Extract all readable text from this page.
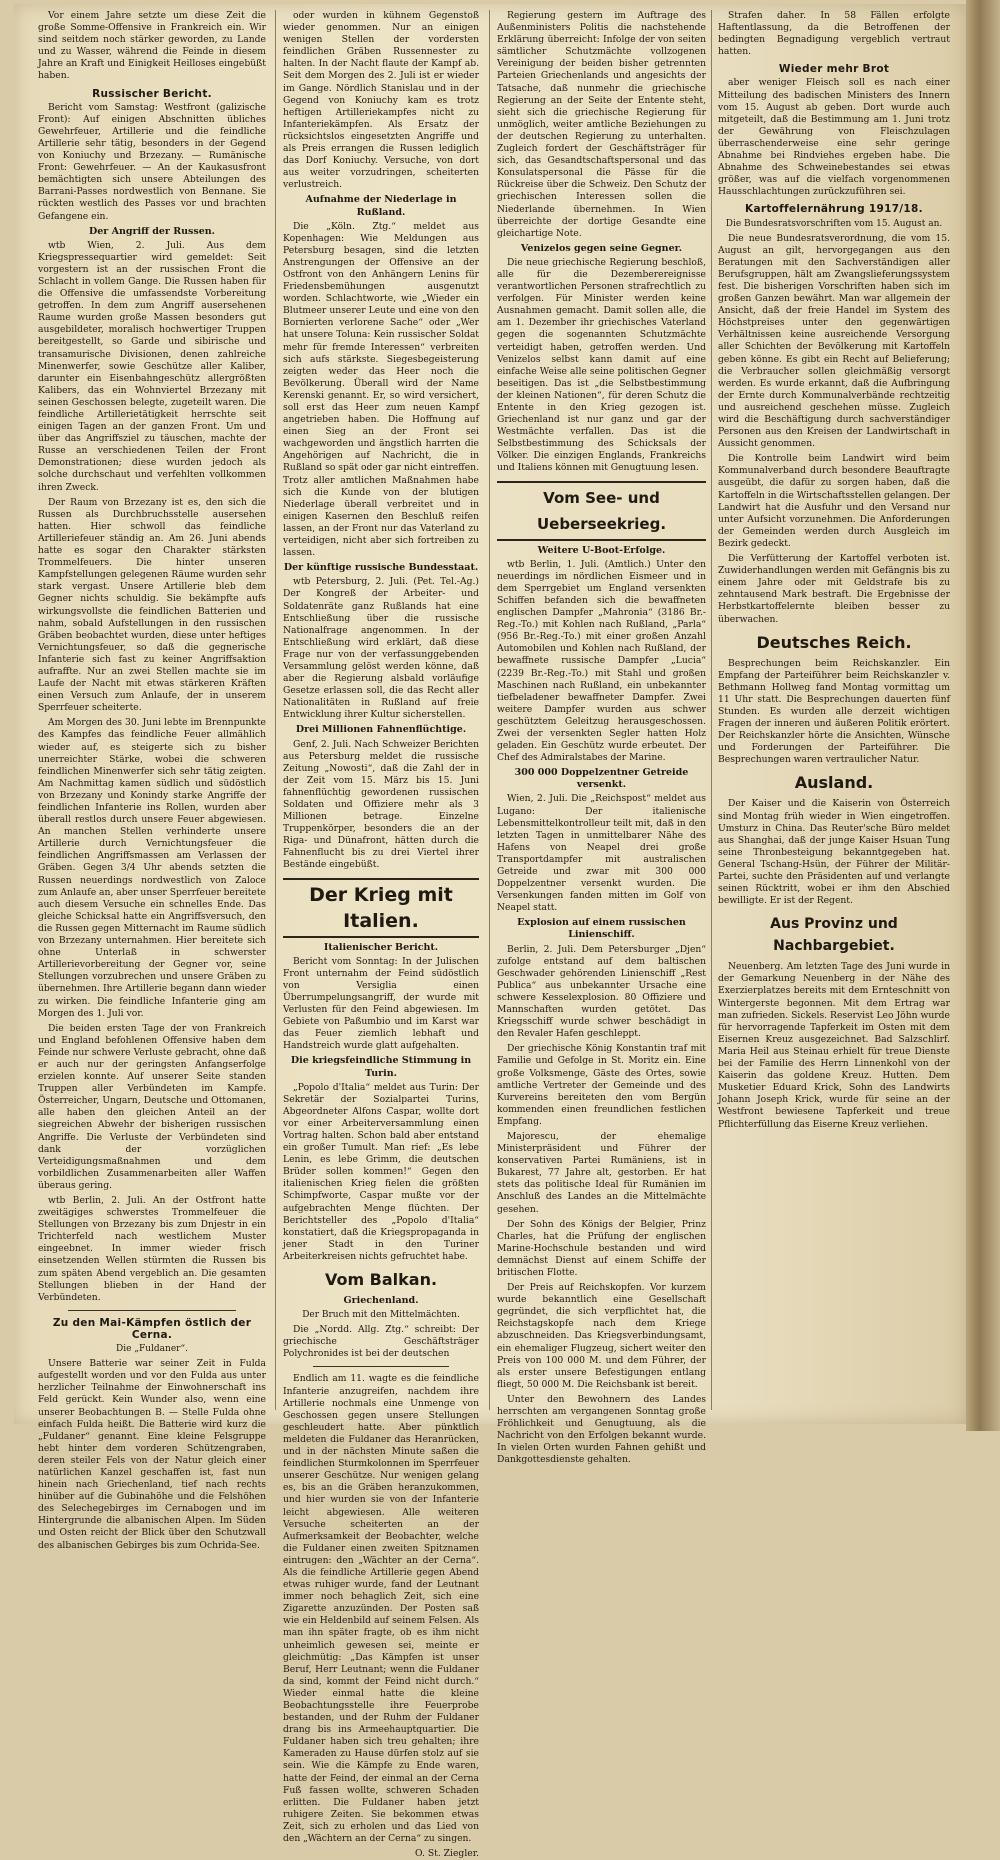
Vor einem Jahre setzte um diese Zeit die große Somme-Offensive in Frankreich ein. Wir sind seitdem noch stärker geworden, zu Lande und zu Wasser, während die Feinde in diesem Jahre an Kraft und Einigkeit Heilloses eingebüßt haben.

Russischer Bericht.

Bericht vom Samstag: Westfront (galizische Front): Auf einigen Abschnitten übliches Gewehrfeuer, Artillerie und die feindliche Artillerie sehr tätig, besonders in der Gegend von Koniuchy und Brzezany. — Rumänische Front: Gewehrfeuer. — An der Kaukasusfront bemächtigten sich unsere Abteilungen des Barrani-Passes nordwestlich von Bennane. Sie rückten westlich des Passes vor und brachten Gefangene ein.

Der Angriff der Russen.

wtb Wien, 2. Juli. Aus dem Kriegspressequartier wird gemeldet: Seit vorgestern ist an der russischen Front die Schlacht in vollem Gange. Die Russen haben für die Offensive die umfassendste Vorbereitung getroffen. In dem zum Angriff ausersehenen Raume wurden große Massen besonders gut ausgebildeter, moralisch hochwertiger Truppen bereitgestellt, so Garde und sibirische und transamurische Divisionen, denen zahlreiche Minenwerfer, sowie Geschütze aller Kaliber, darunter ein Eisenbahngeschütz allergrößten Kalibers, das ein Wohnviertel Brzezany mit seinen Geschossen belegte, zugeteilt waren. Die feindliche Artillerietätigkeit herrschte seit einigen Tagen an der ganzen Front. Um und über das Angriffsziel zu täuschen, machte der Russe an verschiedenen Teilen der Front Demonstrationen; diese wurden jedoch als solche durchschaut und verfehlten vollkommen ihren Zweck.

Der Raum von Brzezany ist es, den sich die Russen als Durchbruchsstelle ausersehen hatten. Hier schwoll das feindliche Artilleriefeuer ständig an. Am 26. Juni abends hatte es sogar den Charakter stärksten Trommelfeuers. Die hinter unseren Kampfstellungen gelegenen Räume wurden sehr stark vergast. Unsere Artillerie bleb dem Gegner nichts schuldig. Sie bekämpfte aufs wirkungsvollste die feindlichen Batterien und nahm, sobald Aufstellungen in den russischen Gräben beobachtet wurden, diese unter heftiges Vernichtungsfeuer, so daß die gegnerische Infanterie sich fast zu keiner Angriffsaktion aufraffte. Nur an zwei Stellen machte sie im Laufe der Nacht mit etwas stärkeren Kräften einen Versuch zum Anlaufe, der in unserem Sperrfeuer scheiterte.

Am Morgen des 30. Juni lebte im Brennpunkte des Kampfes das feindliche Feuer allmählich wieder auf, es steigerte sich zu bisher unerreichter Stärke, wobei die schweren feindlichen Minenwerfer sich sehr tätig zeigten. Am Nachmittag kamen südlich und südöstlich von Brzezany und Konindy starke Angriffe der feindlichen Infanterie ins Rollen, wurden aber überall restlos durch unsere Feuer abgewiesen. An manchen Stellen verhinderte unsere Artillerie durch Vernichtungsfeuer die feindlichen Angriffsmassen am Verlassen der Gräben. Gegen 3/4 Uhr abends setzten die Russen neuerdings nordwestlich von Zaloce zum Anlaufe an, aber unser Sperrfeuer bereitete auch diesem Versuche ein schnelles Ende. Das gleiche Schicksal hatte ein Angriffsversuch, den die Russen gegen Mitternacht im Raume südlich von Brzezany unternahmen. Hier bereitete sich ohne Unterlaß in schwerster Artillerievorbereitung der Gegner vor, seine Stellungen vorzubrechen und unsere Gräben zu übernehmen. Ihre Artillerie begann dann wieder zu wirken. Die feindliche Infanterie ging am Morgen des 1. Juli vor.

Die beiden ersten Tage der von Frankreich und England befohlenen Offensive haben dem Feinde nur schwere Verluste gebracht, ohne daß er auch nur der geringsten Anfangserfolge erzielen konnte. Auf unserer Seite standen Truppen aller Verbündeten im Kampfe. Österreicher, Ungarn, Deutsche und Ottomanen, alle haben den gleichen Anteil an der siegreichen Abwehr der bisherigen russischen Angriffe. Die Verluste der Verbündeten sind dank der vorzüglichen Verteidigungsmaßnahmen und dem vorbildlichen Zusammenarbeiten aller Waffen überaus gering.

wtb Berlin, 2. Juli. An der Ostfront hatte zweitägiges schwerstes Trommelfeuer die Stellungen von Brzezany bis zum Dnjestr in ein Trichterfeld nach westlichem Muster eingeebnet. In immer wieder frisch einsetzenden Wellen stürmten die Russen bis zum späten Abend vergeblich an. Die gesamten Stellungen blieben in der Hand der Verbündeten.

Zu den Mai-Kämpfen östlich der Cerna.
Die „Fuldaner“.

Unsere Batterie war seiner Zeit in Fulda aufgestellt worden und vor den Fulda aus unter herzlicher Teilnahme der Einwohnerschaft ins Feld gerückt. Kein Wunder also, wenn eine unserer Beobachtungen B. — Stelle Fulda ohne einfach Fulda heißt. Die Batterie wird kurz die „Fuldaner“ genannt. Eine kleine Felsgruppe hebt hinter dem vorderen Schützengraben, deren steiler Fels von der Natur gleich einer natürlichen Kanzel geschaffen ist, fast nun hinein nach Griechenland, tief nach rechts hinüber auf die Gubinahöhe und die Felshöhen des Selechegebirges im Cernabogen und im Hintergrunde die albanischen Alpen. Im Süden und Osten reicht der Blick über den Schutzwall des albanischen Gebirges bis zum Ochrida-See.

oder wurden in kühnem Gegenstoß wieder genommen. Nur an einigen wenigen Stellen der vordersten feindlichen Gräben Russennester zu halten. In der Nacht flaute der Kampf ab. Seit dem Morgen des 2. Juli ist er wieder im Gange. Nördlich Stanislau und in der Gegend von Koniuchy kam es trotz heftigen Artilleriekampfes nicht zu Infanteriekämpfen. Als Ersatz der rücksichtslos eingesetzten Angriffe und als Preis errangen die Russen lediglich das Dorf Koniuchy. Versuche, von dort aus weiter vorzudringen, scheiterten verlustreich.

Aufnahme der Niederlage in Rußland.

Die „Köln. Ztg.“ meldet aus Kopenhagen: Wie Meldungen aus Petersburg besagen, sind die letzten Anstrengungen der Offensive an der Ostfront von den Anhängern Lenins für Friedensbemühungen ausgenutzt worden. Schlachtworte, wie „Wieder ein Blutmeer unserer Leute und eine von den Bornierten verlorene Sache“ oder „Wer hat unsere Toluna: Kein russischer Soldat mehr für fremde Interessen“ verbreiten sich aufs stärkste. Siegesbegeisterung zeigten weder das Heer noch die Bevölkerung. Überall wird der Name Kerenski genannt. Er, so wird versichert, soll erst das Heer zum neuen Kampf angetrieben haben. Die Hoffnung auf einen Sieg an der Front sei wachgeworden und ängstlich harrten die Angehörigen auf Nachricht, die in Rußland so spät oder gar nicht eintreffen. Trotz aller amtlichen Maßnahmen habe sich die Kunde von der blutigen Niederlage überall verbreitet und in einigen Kasernen den Beschluß reifen lassen, an der Front nur das Vaterland zu verteidigen, nicht aber sich fortreiben zu lassen.

Der künftige russische Bundesstaat.

wtb Petersburg, 2. Juli. (Pet. Tel.-Ag.) Der Kongreß der Arbeiter- und Soldatenräte ganz Rußlands hat eine Entschließung über die russische Nationalfrage angenommen. In der Entschließung wird erklärt, daß diese Frage nur von der verfassunggebenden Versammlung gelöst werden könne, daß aber die Regierung alsbald vorläufige Gesetze erlassen soll, die das Recht aller Nationalitäten in Rußland auf freie Entwicklung ihrer Kultur sicherstellen.

Drei Millionen Fahnenflüchtige.

Genf, 2. Juli. Nach Schweizer Berichten aus Petersburg meldet die russische Zeitung „Nowosti“, daß die Zahl der in der Zeit vom 15. März bis 15. Juni fahnenflüchtig gewordenen russischen Soldaten und Offiziere mehr als 3 Millionen betrage. Einzelne Truppenkörper, besonders die an der Riga- und Dünafront, hätten durch die Fahnenflucht bis zu drei Viertel ihrer Bestände eingebüßt.

Der Krieg mit Italien.
Italienischer Bericht.

Bericht vom Sonntag: In der Julischen Front unternahm der Feind südöstlich von Versiglia einen Überrumpelungsangriff, der wurde mit Verlusten für den Feind abgewiesen. Im Gebiete von Paßumbio und im Karst war das Feuer ziemlich lebhaft und Handstreich wurde glatt aufgehalten.

Die kriegsfeindliche Stimmung in Turin.

„Popolo d'Italia“ meldet aus Turin: Der Sekretär der Sozialpartei Turins, Abgeordneter Alfons Caspar, wollte dort vor einer Arbeiterversammlung einen Vortrag halten. Schon bald aber entstand ein großer Tumult. Man rief: „Es lebe Lenin, es lebe Grimm, die deutschen Brüder sollen kommen!“ Gegen den italienischen Krieg fielen die größten Schimpfworte, Caspar mußte vor der aufgebrachten Menge flüchten. Der Berichtsteller des „Popolo d'Italia“ konstatiert, daß die Kriegspropaganda in jener Stadt in den Turiner Arbeiterkreisen nichts gefruchtet habe.

Vom Balkan.
Griechenland.
Der Bruch mit den Mittelmächten.

Die „Nordd. Allg. Ztg.“ schreibt: Der griechische Geschäftsträger Polychronides ist bei der deutschen

Endlich am 11. wagte es die feindliche Infanterie anzugreifen, nachdem ihre Artillerie nochmals eine Unmenge von Geschossen gegen unsere Stellungen geschleudert hatte. Aber pünktlich meldeten die Fuldaner das Heranrücken, und in der nächsten Minute saßen die feindlichen Sturmkolonnen im Sperrfeuer unserer Geschütze. Nur wenigen gelang es, bis an die Gräben heranzukommen, und hier wurden sie von der Infanterie leicht abgewiesen. Alle weiteren Versuche scheiterten an der Aufmerksamkeit der Beobachter, welche die Fuldaner einen zweiten Spitznamen eintrugen: den „Wächter an der Cerna“. Als die feindliche Artillerie gegen Abend etwas ruhiger wurde, fand der Leutnant immer noch behaglich Zeit, sich eine Zigarette anzuzünden. Der Posten saß wie ein Heldenbild auf seinem Felsen. Als man ihn später fragte, ob es ihm nicht unheimlich gewesen sei, meinte er gleichmütig: „Das Kämpfen ist unser Beruf, Herr Leutnant; wenn die Fuldaner da sind, kommt der Feind nicht durch.“ Wieder einmal hatte die kleine Beobachtungsstelle ihre Feuerprobe bestanden, und der Ruhm der Fuldaner drang bis ins Armeehauptquartier. Die Fuldaner haben sich treu gehalten; ihre Kameraden zu Hause dürfen stolz auf sie sein. Wie die Kämpfe zu Ende waren, hatte der Feind, der einmal an der Cerna Fuß fassen wollte, schweren Schaden erlitten. Die Fuldaner haben jetzt ruhigere Zeiten. Sie bekommen etwas Zeit, sich zu erholen und das Lied von den „Wächtern an der Cerna“ zu singen.

O. St. Ziegler.

Regierung gestern im Auftrage des Außenministers Politis die nachstehende Erklärung überreicht: Infolge der von seiten sämtlicher Schutzmächte vollzogenen Vereinigung der beiden bisher getrennten Parteien Griechenlands und angesichts der Tatsache, daß nunmehr die griechische Regierung an der Seite der Entente steht, sieht sich die griechische Regierung für unmöglich, weiter amtliche Beziehungen zu der deutschen Regierung zu unterhalten. Zugleich fordert der Geschäftsträger für sich, das Gesandtschaftspersonal und das Konsulatspersonal die Pässe für die Rückreise über die Schweiz. Den Schutz der griechischen Interessen sollen die Niederlande übernehmen. In Wien überreichte der dortige Gesandte eine gleichartige Note.

Venizelos gegen seine Gegner.

Die neue griechische Regierung beschloß, alle für die Dezemberereignisse verantwortlichen Personen strafrechtlich zu verfolgen. Für Minister werden keine Ausnahmen gemacht. Damit sollen alle, die am 1. Dezember ihr griechisches Vaterland gegen die sogenannten Schutzmächte verteidigt haben, getroffen werden. Und Venizelos selbst kann damit auf eine einfache Weise alle seine politischen Gegner beseitigen. Das ist „die Selbstbestimmung der kleinen Nationen“, für deren Schutz die Entente in den Krieg gezogen ist. Griechenland ist nur ganz und gar der Westmächte verfallen. Das ist die Selbstbestimmung des Schicksals der Völker. Die einzigen Englands, Frankreichs und Italiens können mit Genugtuung lesen.

Vom See- und Ueberseekrieg.
Weitere U-Boot-Erfolge.

wtb Berlin, 1. Juli. (Amtlich.) Unter den neuerdings im nördlichen Eismeer und in dem Sperrgebiet um England versenkten Schiffen befanden sich die bewaffneten englischen Dampfer „Mahronia“ (3186 Br.-Reg.-To.) mit Kohlen nach Rußland, „Parla“ (956 Br.-Reg.-To.) mit einer großen Anzahl Automobilen und Kohlen nach Rußland, der bewaffnete russische Dampfer „Lucia“ (2239 Br.-Reg.-To.) mit Stahl und großen Maschinen nach Rußland, ein unbekannter tiefbeladener bewaffneter Dampfer. Zwei weitere Dampfer wurden aus schwer geschütztem Geleitzug herausgeschossen. Zwei der versenkten Segler hatten Holz geladen. Ein Geschütz wurde erbeutet. Der Chef des Admiralstabes der Marine.

300 000 Doppelzentner Getreide versenkt.

Wien, 2. Juli. Die „Reichspost“ meldet aus Lugano: Der italienische Lebensmittelkontrolleur teilt mit, daß in den letzten Tagen in unmittelbarer Nähe des Hafens von Neapel drei große Transportdampfer mit australischen Getreide und zwar mit 300 000 Doppelzentner versenkt wurden. Die Versenkungen fanden mitten im Golf von Neapel statt.

Explosion auf einem russischen Linienschiff.

Berlin, 2. Juli. Dem Petersburger „Djen“ zufolge entstand auf dem baltischen Geschwader gehörenden Linienschiff „Rest Publica“ aus unbekannter Ursache eine schwere Kesselexplosion. 80 Offiziere und Mannschaften wurden getötet. Das Kriegsschiff wurde schwer beschädigt in den Revaler Hafen geschleppt.

Der griechische König Konstantin traf mit Familie und Gefolge in St. Moritz ein. Eine große Volksmenge, Gäste des Ortes, sowie amtliche Vertreter der Gemeinde und des Kurvereins bereiteten den vom Bergün kommenden einen freundlichen festlichen Empfang.

Majorescu, der ehemalige Ministerpräsident und Führer der konservativen Partei Rumäniens, ist in Bukarest, 77 Jahre alt, gestorben. Er hat stets das politische Ideal für Rumänien im Anschluß des Landes an die Mittelmächte gesehen.

Der Sohn des Königs der Belgier, Prinz Charles, hat die Prüfung der englischen Marine-Hochschule bestanden und wird demnächst Dienst auf einem Schiffe der britischen Flotte.

Der Preis auf Reichskopfen. Vor kurzem wurde bekanntlich eine Gesellschaft gegründet, die sich verpflichtet hat, die Reichstagskopfe nach dem Kriege abzuschneiden. Das Kriegsverbindungsamt, ein ehemaliger Flugzeug, sichert weiter den Preis von 100 000 M. und dem Führer, der als erster unsere Befestigungen entlang fliegt, 50 000 M. Die Reichsbank ist bereit.

Unter den Bewohnern des Landes herrschten am vergangenen Sonntag große Fröhlichkeit und Genugtuung, als die Nachricht von den Erfolgen bekannt wurde. In vielen Orten wurden Fahnen gehißt und Dankgottesdienste gehalten.

Strafen daher. In 58 Fällen erfolgte Haftentlassung, da die Betroffenen der bedingten Begnadigung vergeblich vertraut hatten.

Wieder mehr Brot

aber weniger Fleisch soll es nach einer Mitteilung des badischen Ministers des Innern vom 15. August ab geben. Dort wurde auch mitgeteilt, daß die Bestimmung am 1. Juni trotz der Gewährung von Fleischzulagen überraschenderweise eine sehr geringe Abnahme bei Rindviehes ergeben habe. Die Abnahme des Schweinebestandes sei etwas größer, was auf die vielfach vorgenommenen Hausschlachtungen zurückzuführen sei.

Kartoffelernährung 1917/18.
Die Bundesratsvorschriften vom 15. August an.

Die neue Bundesratsverordnung, die vom 15. August an gilt, hervorgegangen aus den Beratungen mit den Sachverständigen aller Berufsgruppen, hält am Zwangslieferungssystem fest. Die bisherigen Vorschriften haben sich im großen Ganzen bewährt. Man war allgemein der Ansicht, daß der freie Handel im System des Höchstpreises unter den gegenwärtigen Verhältnissen keine ausreichende Versorgung aller Schichten der Bevölkerung mit Kartoffeln geben könne. Es gibt ein Recht auf Belieferung; die Verbraucher sollen gleichmäßig versorgt werden. Es wurde erkannt, daß die Aufbringung der Ernte durch Kommunalverbände rechtzeitig und ausreichend geschehen müsse. Zugleich wird die Beschäftigung durch sachverständiger Personen aus den Kreisen der Landwirtschaft in Aussicht genommen.

Die Kontrolle beim Landwirt wird beim Kommunalverband durch besondere Beauftragte ausgeübt, die dafür zu sorgen haben, daß die Kartoffeln in die Wirtschaftsstellen gelangen. Der Landwirt hat die Ausfuhr und den Versand nur unter Aufsicht vorzunehmen. Die Anforderungen der Gemeinden werden durch Ausgleich im Bezirk gedeckt.

Die Verfütterung der Kartoffel verboten ist. Zuwiderhandlungen werden mit Gefängnis bis zu einem Jahre oder mit Geldstrafe bis zu zehntausend Mark bestraft. Die Ergebnisse der Herbstkartoffelernte bleiben besser zu überwachen.

Deutsches Reich.

Besprechungen beim Reichskanzler. Ein Empfang der Parteiführer beim Reichskanzler v. Bethmann Hollweg fand Montag vormittag um 11 Uhr statt. Die Besprechungen dauerten fünf Stunden. Es wurden alle derzeit wichtigen Fragen der inneren und äußeren Politik erörtert. Der Reichskanzler hörte die Ansichten, Wünsche und Forderungen der Parteiführer. Die Besprechungen waren vertraulicher Natur.

Ausland.

Der Kaiser und die Kaiserin von Österreich sind Montag früh wieder in Wien eingetroffen. Umsturz in China. Das Reuter'sche Büro meldet aus Shanghai, daß der junge Kaiser Hsuan Tung seine Thronbesteigung bekanntgegeben hat. General Tschang-Hsün, der Führer der Militär-Partei, suchte den Präsidenten auf und verlangte seinen Rücktritt, wobei er ihm den Abschied bewilligte. Er ist der Regent.

Aus Provinz und Nachbargebiet.

Neuenberg. Am letzten Tage des Juni wurde in der Gemarkung Neuenberg in der Nähe des Exerzierplatzes bereits mit dem Ernteschnitt von Wintergerste begonnen. Mit dem Ertrag war man zufrieden. Sickels. Reservist Leo Jöhn wurde für hervorragende Tapferkeit im Osten mit dem Eisernen Kreuz ausgezeichnet. Bad Salzschlirf. Maria Heil aus Steinau erhielt für treue Dienste bei der Familie des Herrn Linnenkohl von der Kaiserin das goldene Kreuz. Hutten. Dem Musketier Eduard Krick, Sohn des Landwirts Johann Joseph Krick, wurde für seine an der Westfront bewiesene Tapferkeit und treue Pflichterfüllung das Eiserne Kreuz verliehen.
